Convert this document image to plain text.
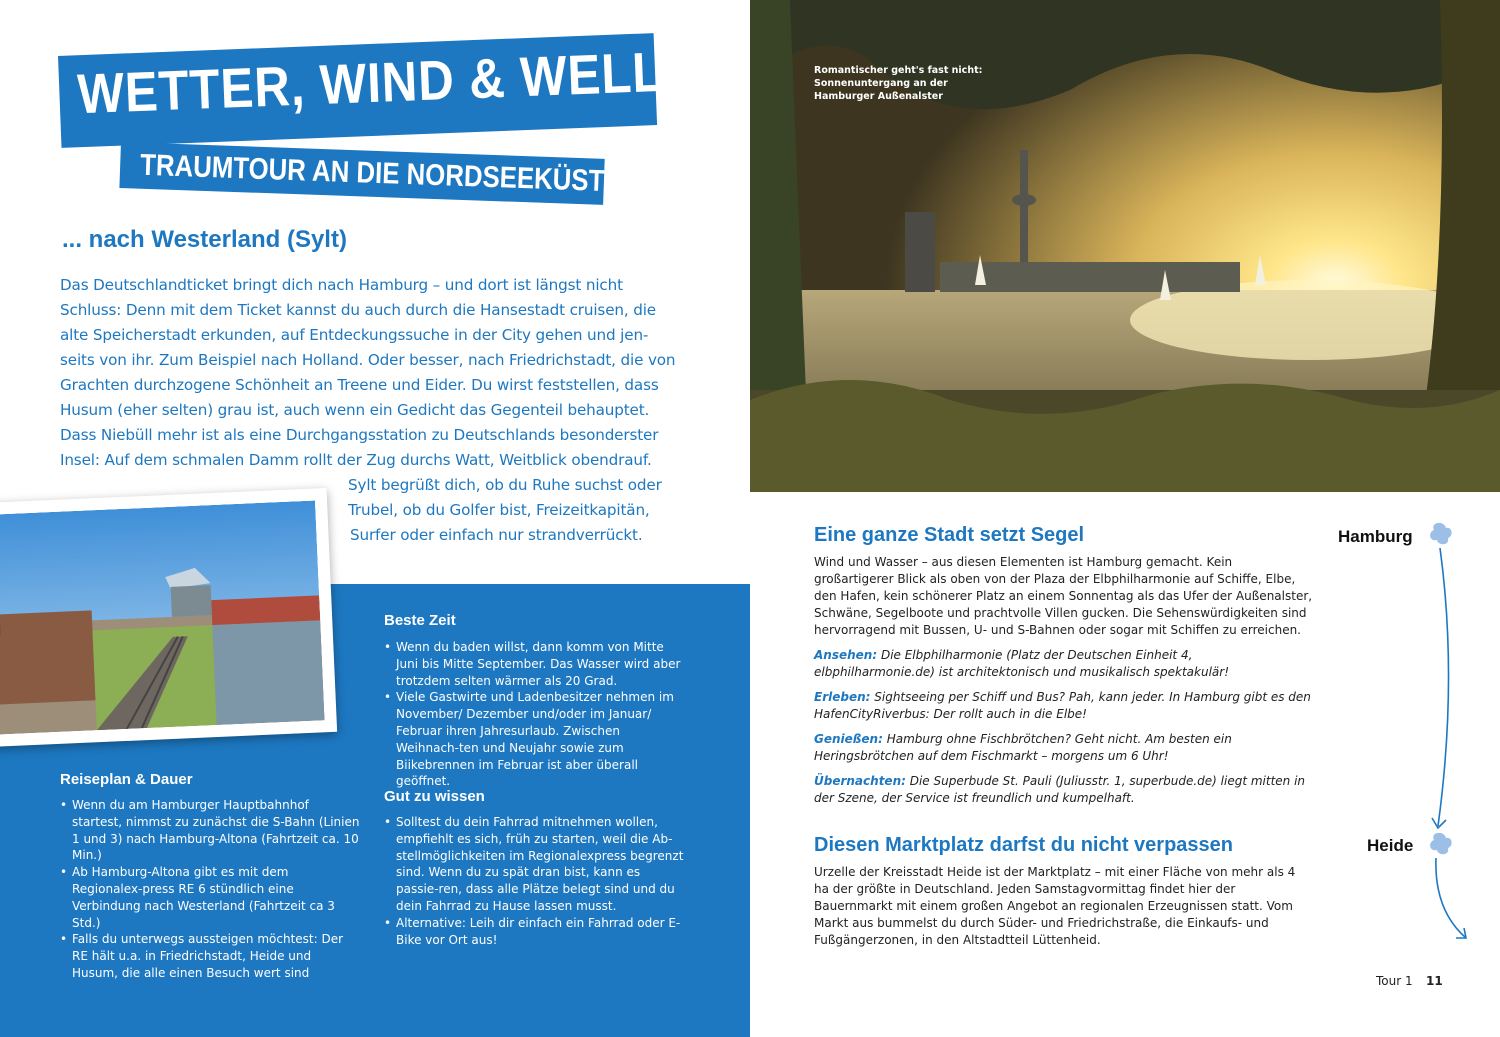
WETTER, WIND & WELLEN
TRAUMTOUR AN DIE NORDSEEKÜSTE
... nach Westerland (Sylt)
Das Deutschlandticket bringt dich nach Hamburg – und dort ist längst nicht
Schluss: Denn mit dem Ticket kannst du auch durch die Hansestadt cruisen, die
alte Speicherstadt erkunden, auf Entdeckungssuche in der City gehen und jen-
seits von ihr. Zum Beispiel nach Holland. Oder besser, nach Friedrichstadt, die von
Grachten durchzogene Schönheit an Treene und Eider. Du wirst feststellen, dass
Husum (eher selten) grau ist, auch wenn ein Gedicht das Gegenteil behauptet.
Dass Niebüll mehr ist als eine Durchgangsstation zu Deutschlands besonderster
Insel: Auf dem schmalen Damm rollt der Zug durchs Watt, Weitblick obendrauf.
Sylt begrüßt dich, ob du Ruhe suchst oder
Trubel, ob du Golfer bist, Freizeitkapitän,
Surfer oder einfach nur strandverrückt.
Reiseplan & Dauer
• Wenn du am Hamburger Hauptbahnhof startest, nimmst zu zunächst die S-Bahn (Linien 1 und 3) nach Hamburg-Altona (Fahrtzeit ca. 10 Min.)
• Ab Hamburg-Altona gibt es mit dem Regionalex-press RE 6 stündlich eine Verbindung nach Westerland (Fahrtzeit ca 3 Std.)
• Falls du unterwegs aussteigen möchtest: Der RE hält u.a. in Friedrichstadt, Heide und Husum, die alle einen Besuch wert sind
Beste Zeit
• Wenn du baden willst, dann komm von Mitte Juni bis Mitte September. Das Wasser wird aber trotzdem selten wärmer als 20 Grad.
• Viele Gastwirte und Ladenbesitzer nehmen im November/ Dezember und/oder im Januar/ Februar ihren Jahresurlaub. Zwischen Weihnach-ten und Neujahr sowie zum Biikebrennen im Februar ist aber überall geöffnet.
Gut zu wissen
• Solltest du dein Fahrrad mitnehmen wollen, empfiehlt es sich, früh zu starten, weil die Ab-stellmöglichkeiten im Regionalexpress begrenzt sind. Wenn du zu spät dran bist, kann es passie-ren, dass alle Plätze belegt sind und du dein Fahrrad zu Hause lassen musst.
• Alternative: Leih dir einfach ein Fahrrad oder E-Bike vor Ort aus!
Romantischer geht's fast nicht: Sonnenuntergang an der Hamburger Außenalster
Eine ganze Stadt setzt Segel
Wind und Wasser – aus diesen Elementen ist Hamburg gemacht. Kein großartigerer Blick als oben von der Plaza der Elbphilharmonie auf Schiffe, Elbe, den Hafen, kein schönerer Platz an einem Sonnentag als das Ufer der Außenalster, Schwäne, Segelboote und prachtvolle Villen gucken. Die Sehenswürdigkeiten sind hervorragend mit Bussen, U- und S-Bahnen oder sogar mit Schiffen zu erreichen.
Ansehen: Die Elbphilharmonie (Platz der Deutschen Einheit 4, elbphilharmonie.de) ist architektonisch und musikalisch spektakulär!
Erleben: Sightseeing per Schiff und Bus? Pah, kann jeder. In Hamburg gibt es den HafenCityRiverbus: Der rollt auch in die Elbe!
Genießen: Hamburg ohne Fischbrötchen? Geht nicht. Am besten ein Heringsbrötchen auf dem Fischmarkt – morgens um 6 Uhr!
Übernachten: Die Superbude St. Pauli (Juliusstr. 1, superbude.de) liegt mitten in der Szene, der Service ist freundlich und kumpelhaft.
Diesen Marktplatz darfst du nicht verpassen
Urzelle der Kreisstadt Heide ist der Marktplatz – mit einer Fläche von mehr als 4 ha der größte in Deutschland. Jeden Samstagvormittag findet hier der Bauernmarkt mit einem großen Angebot an regionalen Erzeugnissen statt. Vom Markt aus bummelst du durch Süder- und Friedrichstraße, die Einkaufs- und Fußgängerzonen, in den Altstadtteil Lüttenheid.
Hamburg
Heide
Tour 1 11
